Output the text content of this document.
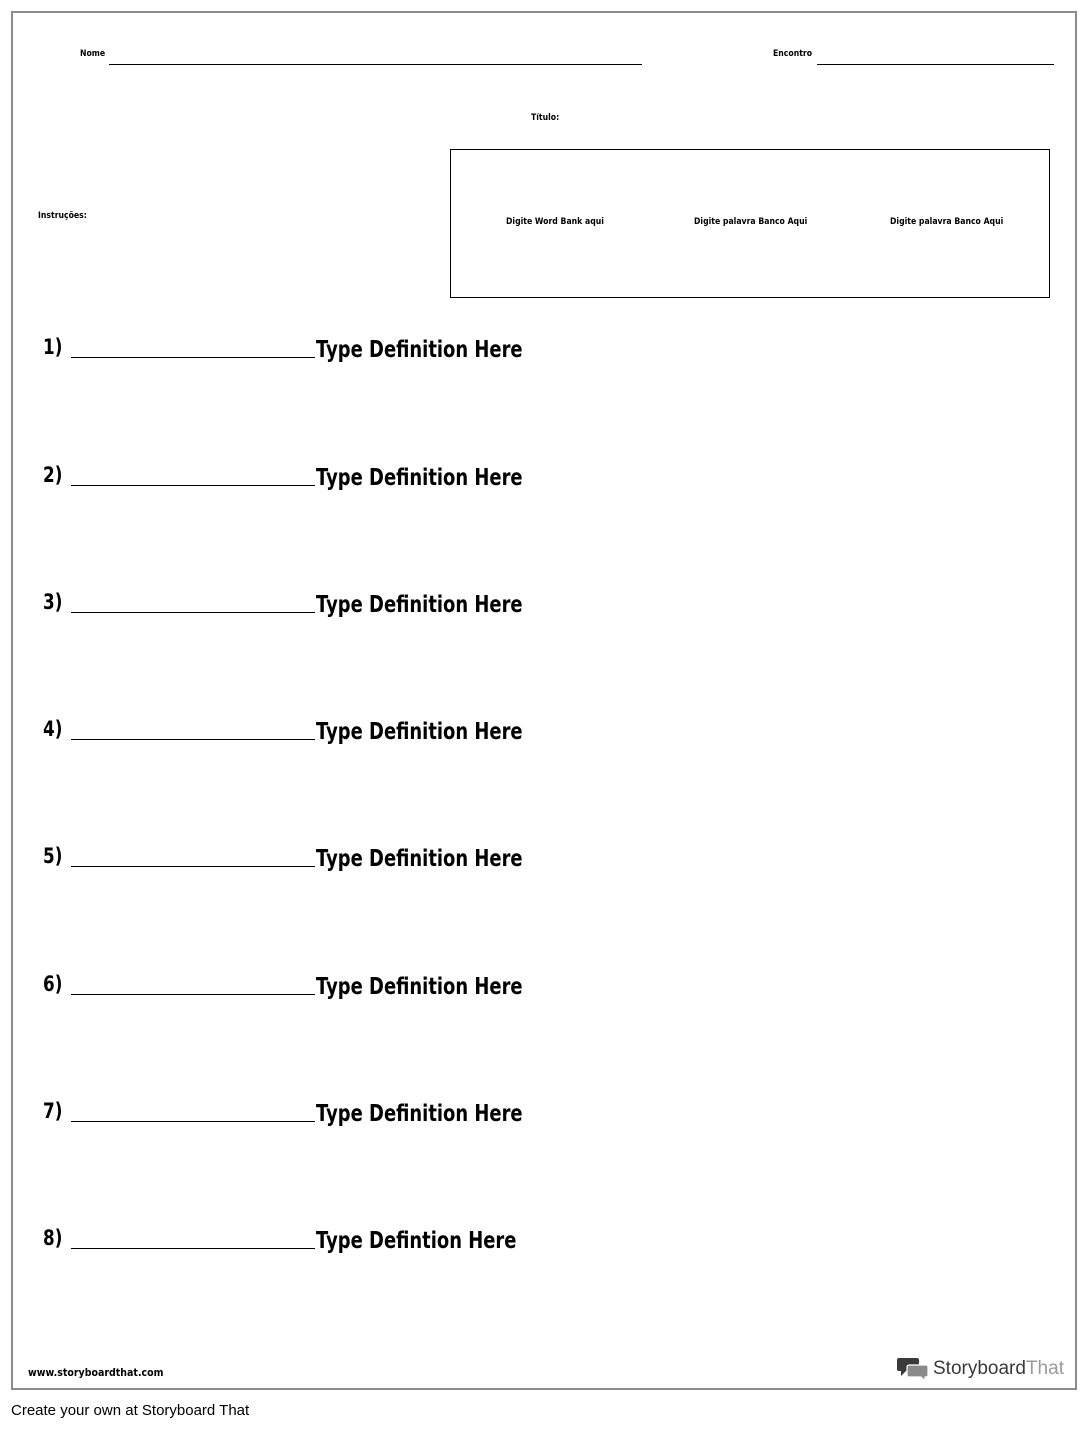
Nome	Encontro
Título:
Instruções:
Digite Word Bank aqui	Digite palavra Banco Aqui	Digite palavra Banco Aqui
1)	Type Definition Here
2)	Type Definition Here
3)	Type Definition Here
4)	Type Definition Here
5)	Type Definition Here
6)	Type Definition Here
7)	Type Definition Here
8)	Type Defintion Here
www.storyboardthat.com	StoryboardThat
Create your own at Storyboard That
